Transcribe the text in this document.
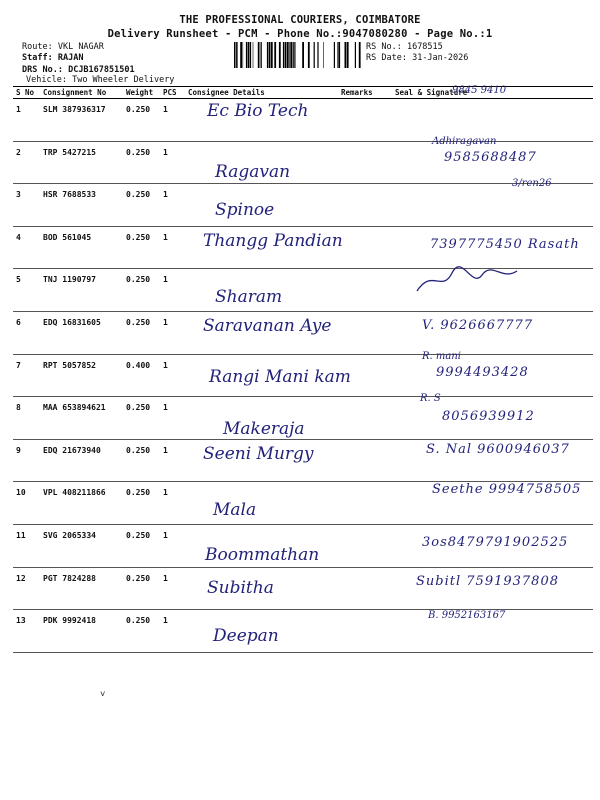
THE PROFESSIONAL COURIERS, COIMBATORE
Delivery Runsheet - PCM - Phone No.:9047080280 - Page No.:1
Route: VKL NAGAR
Staff: RAJAN
DRS No.: DCJB167851501
Vehicle: Two Wheeler Delivery
RS No.: 1678515
RS Date: 31-Jan-2026
S No	Consignment No	Weight	PCS	Consignee Details	Remarks	Seal & Signature
1	SLM 387936317	0.250	1	Ec Bio Tech		9845 9410

2	TRP 5427215	0.250	1	Ragavan		Adhiragavan
9585688487

3	HSR 7688533	0.250	1	Spinoe		3/ren26

4	BOD 561045	0.250	1	Thangg Pandian		7397775450 Rasath

5	TNJ 1190797	0.250	1	Sharam

6	EDQ 16831605	0.250	1	Saravanan Aye		V. 9626667777

7	RPT 5057852	0.400	1	Rangi Mani kam		R. mani
9994493428

8	MAA 653894621	0.250	1	Makeraja		R. S
8056939912

9	EDQ 21673940	0.250	1	Seeni Murgy		S. Nal 9600946037

10	VPL 408211866	0.250	1	Mala		Seethe 9994758505

11	SVG 2065334	0.250	1	Boommathan		3os8479791902525

12	PGT 7824288	0.250	1	Subitha		Subitl 7591937808

13	PDK 9992418	0.250	1	Deepan		B. 9952163167
˅
